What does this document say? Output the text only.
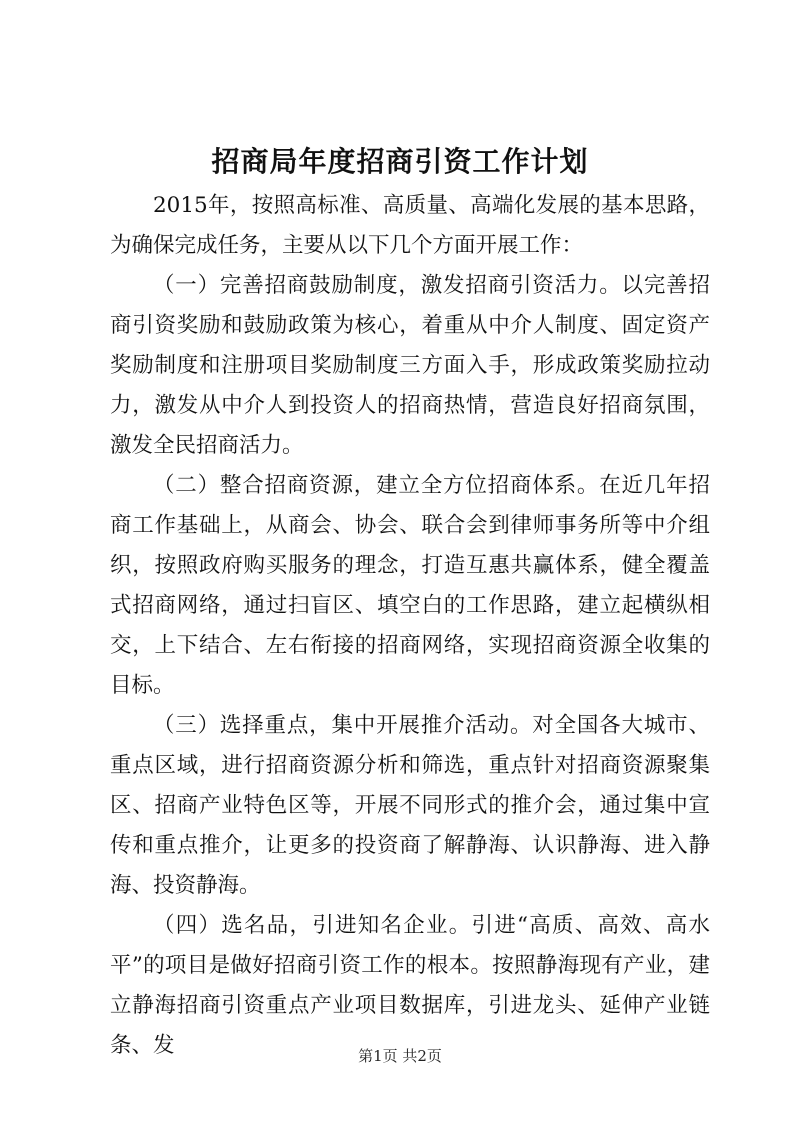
招商局年度招商引资工作计划

2015年，按照高标准、高质量、高端化发展的基本思路，为确保完成任务，主要从以下几个方面开展工作：

（一）完善招商鼓励制度，激发招商引资活力。以完善招商引资奖励和鼓励政策为核心，着重从中介人制度、固定资产奖励制度和注册项目奖励制度三方面入手，形成政策奖励拉动力，激发从中介人到投资人的招商热情，营造良好招商氛围，激发全民招商活力。

（二）整合招商资源，建立全方位招商体系。在近几年招商工作基础上，从商会、协会、联合会到律师事务所等中介组织，按照政府购买服务的理念，打造互惠共赢体系，健全覆盖式招商网络，通过扫盲区、填空白的工作思路，建立起横纵相交，上下结合、左右衔接的招商网络，实现招商资源全收集的目标。

（三）选择重点，集中开展推介活动。对全国各大城市、重点区域，进行招商资源分析和筛选，重点针对招商资源聚集区、招商产业特色区等，开展不同形式的推介会，通过集中宣传和重点推介，让更多的投资商了解静海、认识静海、进入静海、投资静海。

（四）选名品，引进知名企业。引进“高质、高效、高水平”的项目是做好招商引资工作的根本。按照静海现有产业，建立静海招商引资重点产业项目数据库，引进龙头、延伸产业链条、发	第1页 共2页
